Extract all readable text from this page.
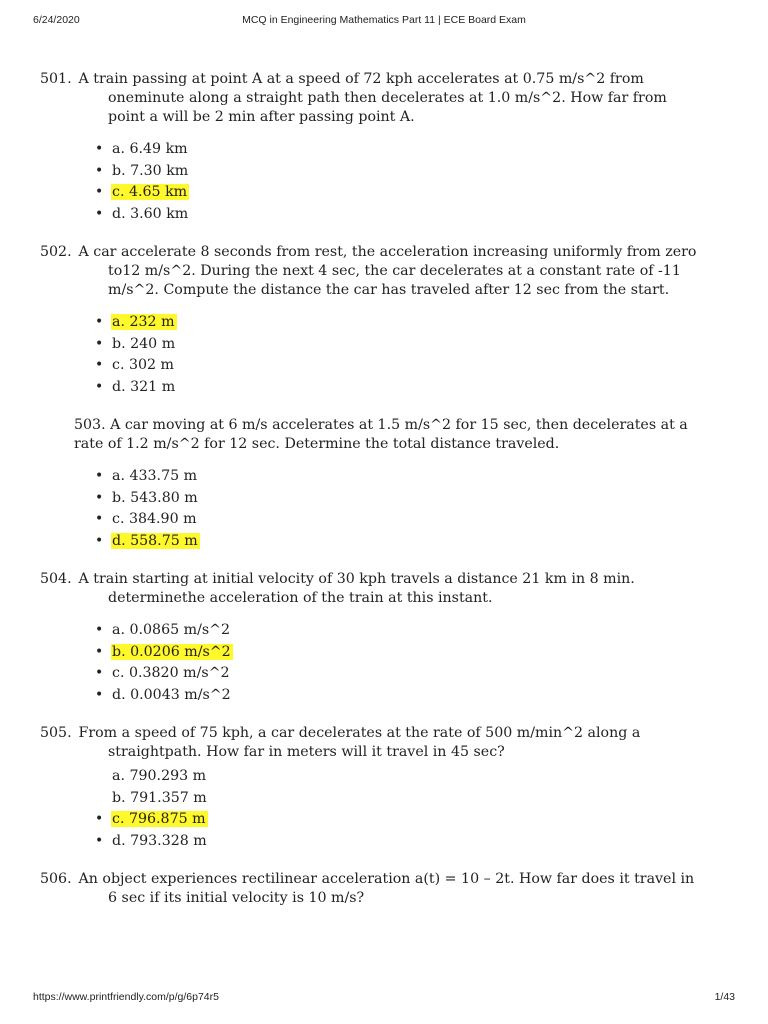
6/24/2020	MCQ in Engineering Mathematics Part 11 | ECE Board Exam

501. A train passing at point A at a speed of 72 kph accelerates at 0.75 m/s^2 from oneminute along a straight path then decelerates at 1.0 m/s^2. How far from point a will be 2 min after passing point A.

• a. 6.49 km
• b. 7.30 km
• c. 4.65 km
• d. 3.60 km

502. A car accelerate 8 seconds from rest, the acceleration increasing uniformly from zero to12 m/s^2. During the next 4 sec, the car decelerates at a constant rate of -11 m/s^2. Compute the distance the car has traveled after 12 sec from the start.

• a. 232 m
• b. 240 m
• c. 302 m
• d. 321 m

503. A car moving at 6 m/s accelerates at 1.5 m/s^2 for 15 sec, then decelerates at a rate of 1.2 m/s^2 for 12 sec. Determine the total distance traveled.

• a. 433.75 m
• b. 543.80 m
• c. 384.90 m
• d. 558.75 m

504. A train starting at initial velocity of 30 kph travels a distance 21 km in 8 min. determinethe acceleration of the train at this instant.

• a. 0.0865 m/s^2
• b. 0.0206 m/s^2
• c. 0.3820 m/s^2
• d. 0.0043 m/s^2

505. From a speed of 75 kph, a car decelerates at the rate of 500 m/min^2 along a straightpath. How far in meters will it travel in 45 sec?

a. 790.293 m
b. 791.357 m
• c. 796.875 m
• d. 793.328 m

506. An object experiences rectilinear acceleration a(t) = 10 – 2t. How far does it travel in 6 sec if its initial velocity is 10 m/s?

https://www.printfriendly.com/p/g/6p74r5	1/43
